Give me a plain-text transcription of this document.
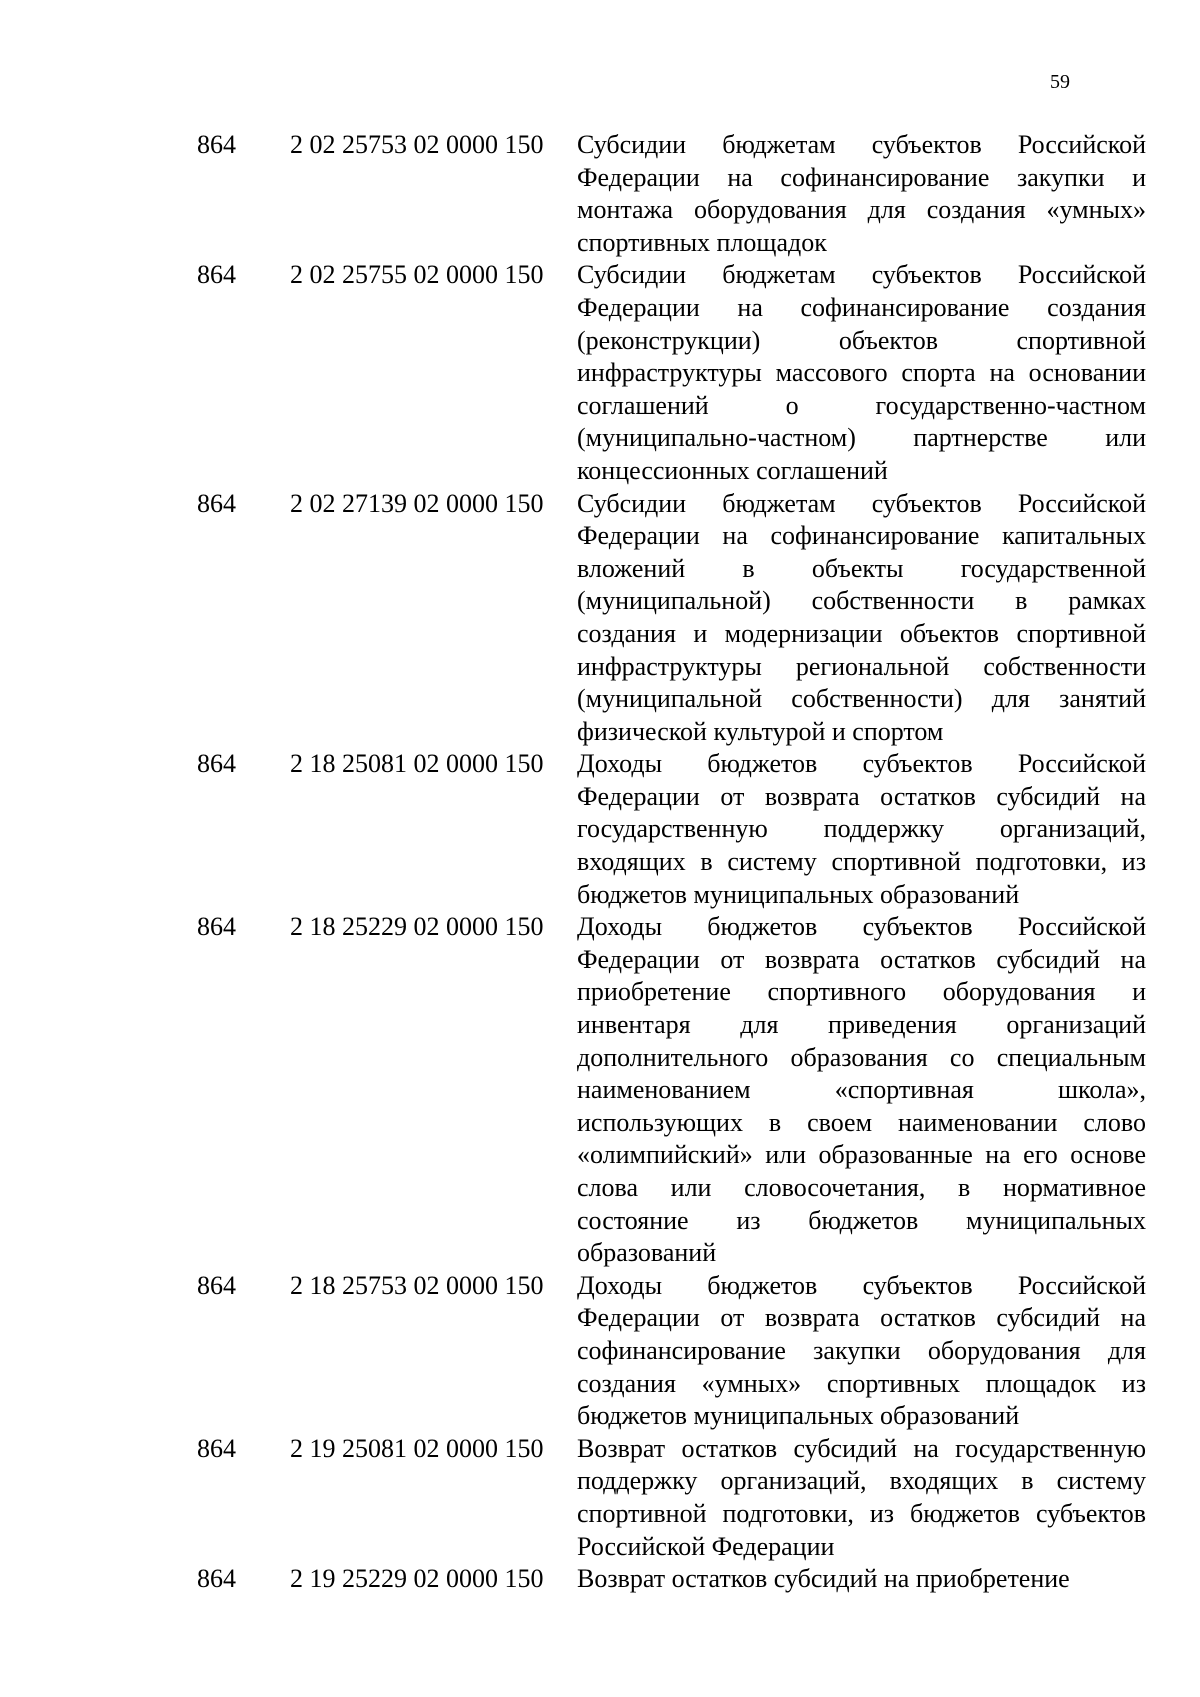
59
864 2 02 25753 02 0000 150 Субсидии бюджетам субъектов Российской Федерации на софинансирование закупки и монтажа оборудования для создания «умных» спортивных площадок
864 2 02 25755 02 0000 150 Субсидии бюджетам субъектов Российской Федерации на софинансирование создания (реконструкции) объектов спортивной инфраструктуры массового спорта на основании соглашений о государственно-частном (муниципально-частном) партнерстве или концессионных соглашений
864 2 02 27139 02 0000 150 Субсидии бюджетам субъектов Российской Федерации на софинансирование капитальных вложений в объекты государственной (муниципальной) собственности в рамках создания и модернизации объектов спортивной инфраструктуры региональной собственности (муниципальной собственности) для занятий физической культурой и спортом
864 2 18 25081 02 0000 150 Доходы бюджетов субъектов Российской Федерации от возврата остатков субсидий на государственную поддержку организаций, входящих в систему спортивной подготовки, из бюджетов муниципальных образований
864 2 18 25229 02 0000 150 Доходы бюджетов субъектов Российской Федерации от возврата остатков субсидий на приобретение спортивного оборудования и инвентаря для приведения организаций дополнительного образования со специальным наименованием «спортивная школа», использующих в своем наименовании слово «олимпийский» или образованные на его основе слова или словосочетания, в нормативное состояние из бюджетов муниципальных образований
864 2 18 25753 02 0000 150 Доходы бюджетов субъектов Российской Федерации от возврата остатков субсидий на софинансирование закупки оборудования для создания «умных» спортивных площадок из бюджетов муниципальных образований
864 2 19 25081 02 0000 150 Возврат остатков субсидий на государственную поддержку организаций, входящих в систему спортивной подготовки, из бюджетов субъектов Российской Федерации
864 2 19 25229 02 0000 150 Возврат остатков субсидий на приобретение
